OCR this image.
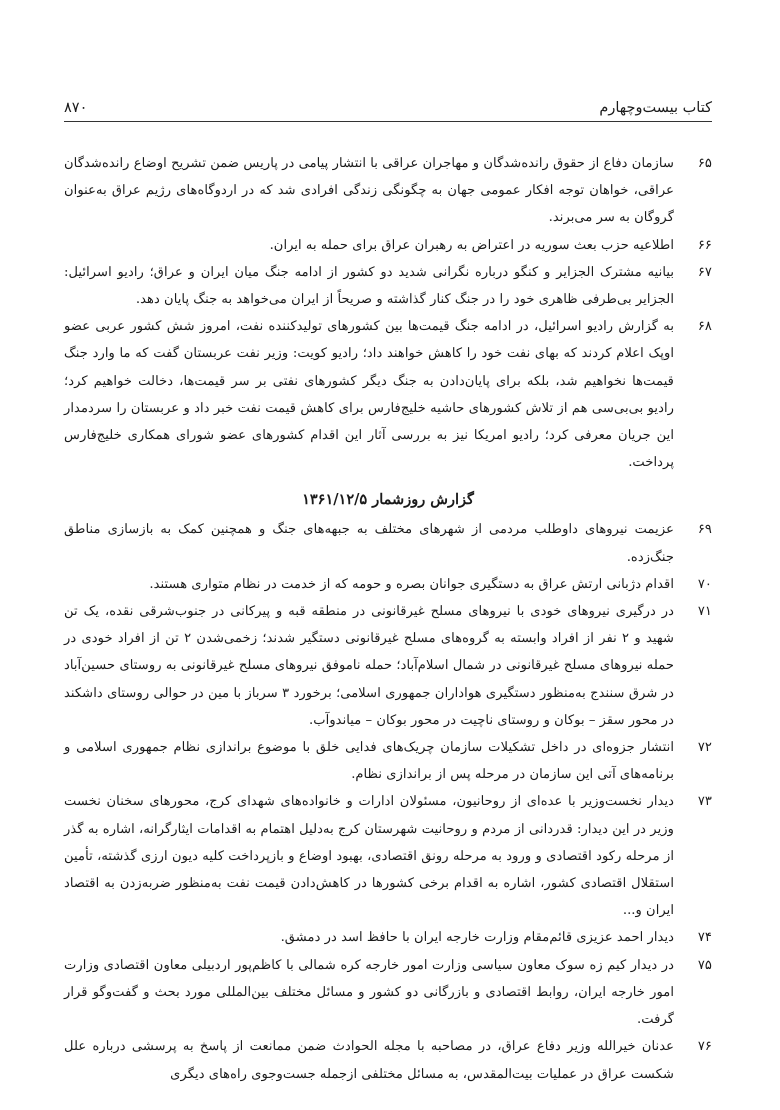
کتاب بیست‌وچهارم
۸۷۰
۶۵
سازمان دفاع از حقوق رانده‌شدگان و مهاجران عراقی با انتشار پیامی در پاریس ضمن تشریح اوضاع رانده‌شدگان عراقی، خواهان توجه افکار عمومی جهان به چگونگی زندگی افرادی شد که در اردوگاه‌های رژیم عراق به‌عنوان گروگان به سر می‌برند.
۶۶
اطلاعیه حزب بعث سوریه در اعتراض به رهبران عراق برای حمله به ایران.
۶۷
بیانیه مشترک الجزایر و کنگو درباره نگرانی شدید دو کشور از ادامه جنگ میان ایران و عراق؛ رادیو اسرائیل: الجزایر بی‌طرفی ظاهری خود را در جنگ کنار گذاشته و صریحاً از ایران می‌خواهد به جنگ پایان دهد.
۶۸
به گزارش رادیو اسرائیل، در ادامه جنگ قیمت‌ها بین کشورهای تولیدکننده نفت، امروز شش کشور عربی عضو اوپک اعلام کردند که بهای نفت خود را کاهش خواهند داد؛ رادیو کویت: وزیر نفت عربستان گفت که ما وارد جنگ قیمت‌ها نخواهیم شد، بلکه برای پایان‌دادن به جنگ دیگر کشورهای نفتی بر سر قیمت‌ها، دخالت خواهیم کرد؛ رادیو بی‌بی‌سی هم از تلاش کشورهای حاشیه خلیج‌فارس برای کاهش قیمت نفت خبر داد و عربستان را سردمدار این جریان معرفی کرد؛ رادیو امریکا نیز به بررسی آثار این اقدام کشورهای عضو شورای همکاری خلیج‌فارس پرداخت.
گزارش روزشمار ۱۳۶۱/۱۲/۵
۶۹
عزیمت نیروهای داوطلب مردمی از شهرهای مختلف به جبهه‌های جنگ و همچنین کمک به بازسازی مناطق جنگ‌زده.
۷۰
اقدام دژبانی ارتش عراق به دستگیری جوانان بصره و حومه که از خدمت در نظام متواری هستند.
۷۱
در درگیری نیروهای خودی با نیروهای مسلح غیرقانونی در منطقه قبه و پیرکانی در جنوب‌شرقی نقده، یک تن شهید و ۲ نفر از افراد وابسته به گروه‌های مسلح غیرقانونی دستگیر شدند؛ زخمی‌شدن ۲ تن از افراد خودی در حمله نیروهای مسلح غیرقانونی در شمال اسلام‌آباد؛ حمله ناموفق نیروهای مسلح غیرقانونی به روستای حسین‌آباد در شرق سنندج به‌منظور دستگیری هواداران جمهوری اسلامی؛ برخورد ۳ سرباز با مین در حوالی روستای داشکند در محور سقز – بوکان و روستای ناچیت در محور بوکان – میاندوآب.
۷۲
انتشار جزوه‌ای در داخل تشکیلات سازمان چریک‌های فدایی خلق با موضوع براندازی نظام جمهوری اسلامی و برنامه‌های آتی این سازمان در مرحله پس از براندازی نظام.
۷۳
دیدار نخست‌وزیر با عده‌ای از روحانیون، مسئولان ادارات و خانواده‌های شهدای کرج، محورهای سخنان نخست وزیر در این دیدار: قدردانی از مردم و روحانیت شهرستان کرج به‌دلیل اهتمام به اقدامات ایثارگرانه، اشاره به گذر از مرحله رکود اقتصادی و ورود به مرحله رونق اقتصادی، بهبود اوضاع و بازپرداخت کلیه دیون ارزی گذشته، تأمین استقلال اقتصادی کشور، اشاره به اقدام برخی کشورها در کاهش‌دادن قیمت نفت به‌منظور ضربه‌زدن به اقتصاد ایران و...
۷۴
دیدار احمد عزیزی قائم‌مقام وزارت خارجه ایران با حافظ اسد در دمشق.
۷۵
در دیدار کیم زه سوک معاون سیاسی وزارت امور خارجه کره شمالی با کاظم‌پور اردبیلی معاون اقتصادی وزارت امور خارجه ایران، روابط اقتصادی و بازرگانی دو کشور و مسائل مختلف بین‌المللی مورد بحث و گفت‌وگو قرار گرفت.
۷۶
عدنان خیرالله وزیر دفاع عراق، در مصاحبه با مجله الحوادث ضمن ممانعت از پاسخ به پرسشی درباره علل شکست عراق در عملیات بیت‌المقدس، به مسائل مختلفی ازجمله جست‌وجوی راه‌های دیگری
